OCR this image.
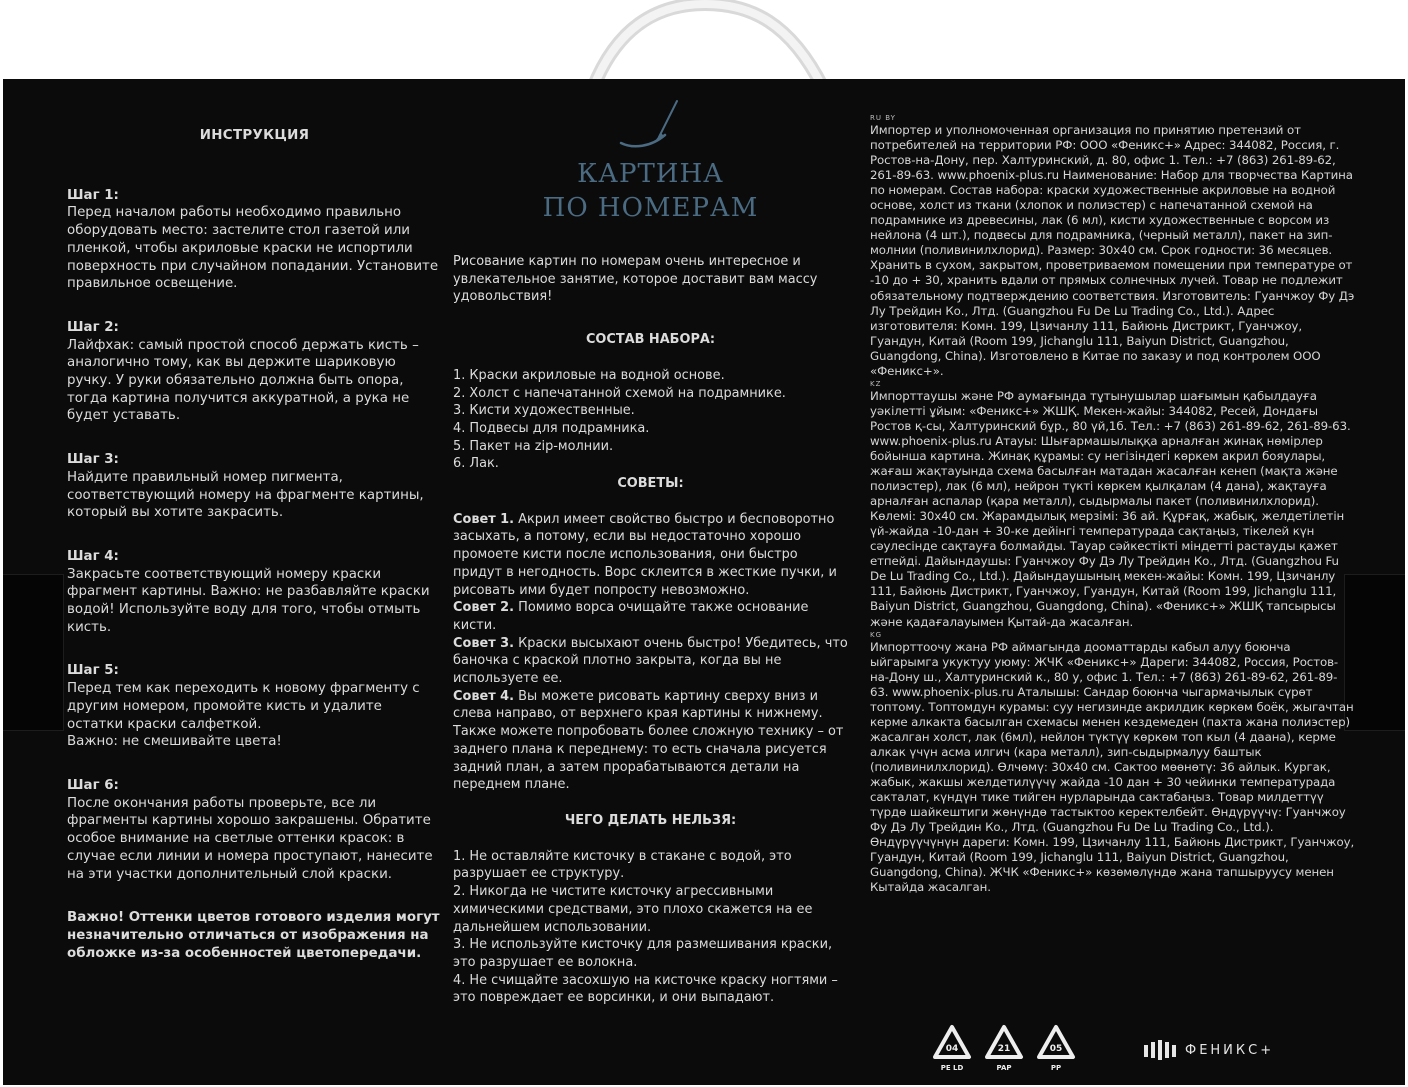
ИНСТРУКЦИЯ
Шаг 1:
Перед началом работы необходимо правильно оборудовать место: застелите стол газетой или пленкой, чтобы акриловые краски не испортили поверхность при случайном попадании. Установите правильное освещение.
Шаг 2:
Лайфхак: самый простой способ держать кисть – аналогично тому, как вы держите шариковую ручку. У руки обязательно должна быть опора, тогда картина получится аккуратной, а рука не будет уставать.
Шаг 3:
Найдите правильный номер пигмента, соответствующий номеру на фрагменте картины, который вы хотите закрасить.
Шаг 4:
Закрасьте соответствующий номеру краски фрагмент картины. Важно: не разбавляйте краски водой! Используйте воду для того, чтобы отмыть кисть.
Шаг 5:
Перед тем как переходить к новому фрагменту с другим номером, промойте кисть и удалите остатки краски салфеткой.
Важно: не смешивайте цвета!
Шаг 6:
После окончания работы проверьте, все ли фрагменты картины хорошо закрашены. Обратите особое внимание на светлые оттенки красок: в случае если линии и номера проступают, нанесите на эти участки дополнительный слой краски.
Важно! Оттенки цветов готового изделия могут незначительно отличаться от изображения на обложке из-за особенностей цветопередачи.
КАРТИНА
ПО НОМЕРАМ
Рисование картин по номерам очень интересное и увлекательное занятие, которое доставит вам массу удовольствия!
СОСТАВ НАБОРА:
1. Краски акриловые на водной основе.
2. Холст с напечатанной схемой на подрамнике.
3. Кисти художественные.
4. Подвесы для подрамника.
5. Пакет на zip-молнии.
6. Лак.
СОВЕТЫ:
Совет 1. Акрил имеет свойство быстро и бесповоротно засыхать, а потому, если вы недостаточно хорошо промоете кисти после использования, они быстро придут в негодность. Ворс склеится в жесткие пучки, и рисовать ими будет попросту невозможно.
Совет 2. Помимо ворса очищайте также основание кисти.
Совет 3. Краски высыхают очень быстро! Убедитесь, что баночка с краской плотно закрыта, когда вы не используете ее.
Совет 4. Вы можете рисовать картину сверху вниз и слева направо, от верхнего края картины к нижнему. Также можете попробовать более сложную технику – от заднего плана к переднему: то есть сначала рисуется задний план, а затем прорабатываются детали на переднем плане.
ЧЕГО ДЕЛАТЬ НЕЛЬЗЯ:
1. Не оставляйте кисточку в стакане с водой, это разрушает ее структуру.
2. Никогда не чистите кисточку агрессивными химическими средствами, это плохо скажется на ее дальнейшем использовании.
3. Не используйте кисточку для размешивания краски, это разрушает ее волокна.
4. Не счищайте засохшую на кисточке краску ногтями – это повреждает ее ворсинки, и они выпадают.
RU BY
Импортер и уполномоченная организация по принятию претензий от потребителей на территории РФ: ООО «Феникс+» Адрес: 344082, Россия, г. Ростов-на-Дону, пер. Халтуринский, д. 80, офис 1. Тел.: +7 (863) 261-89-62, 261-89-63. www.phoenix-plus.ru Наименование: Набор для творчества Картина по номерам. Состав набора: краски художественные акриловые на водной основе, холст из ткани (хлопок и полиэстер) с напечатанной схемой на подрамнике из древесины, лак (6 мл), кисти художественные с ворсом из нейлона (4 шт.), подвесы для подрамника, (черный металл), пакет на зип-молнии (поливинилхлорид). Размер: 30х40 см. Срок годности: 36 месяцев. Хранить в сухом, закрытом, проветриваемом помещении при температуре от -10 до + 30, хранить вдали от прямых солнечных лучей. Товар не подлежит обязательному подтверждению соответствия. Изготовитель: Гуанчжоу Фу Дэ Лу Трейдин Ко., Лтд. (Guangzhou Fu De Lu Trading Co., Ltd.). Адрес изготовителя: Комн. 199, Цзичанлу 111, Байюнь Дистрикт, Гуанчжоу, Гуандун, Китай (Room 199, Jichanglu 111, Baiyun District, Guangzhou, Guangdong, China). Изготовлено в Китае по заказу и под контролем ООО «Феникс+».
KZ
Импорттаушы және РФ аумағында тұтынушылар шағымын қабылдауға уәкілетті ұйым: «Феникс+» ЖШҚ. Мекен-жайы: 344082, Ресей, Дондағы Ростов қ-сы, Халтуринский бұр., 80 үй,1б. Тел.: +7 (863) 261-89-62, 261-89-63. www.phoenix-plus.ru Атауы: Шығармашылыққа арналған жинақ нөмірлер бойынша картина. Жинақ құрамы: су негізіндегі көркем акрил бояулары, жағаш жақтауында схема басылған матадан жасалған кенеп (мақта және полиэстер), лак (6 мл), нейрон түкті көркем қылқалам (4 дана), жақтауға арналған аспалар (қара металл), сыдырмалы пакет (поливинилхлорид). Көлемі: 30х40 см. Жарамдылық мерзімі: 36 ай. Құрғақ, жабық, желдетілетін үй-жайда -10-дан + 30-ке дейінгі температурада сақтаңыз, тікелей күн сәулесінде сақтауға болмайды. Тауар сәйкестікті міндетті растауды қажет етпейді. Дайындаушы: Гуанчжоу Фу Дэ Лу Трейдин Ко., Лтд. (Guangzhou Fu De Lu Trading Co., Ltd.). Дайындаушының мекен-жайы: Комн. 199, Цзичанлу 111, Байюнь Дистрикт, Гуанчжоу, Гуандун, Китай (Room 199, Jichanglu 111, Baiyun District, Guangzhou, Guangdong, China). «Феникс+» ЖШҚ тапсырысы және қадағалауымен Қытай-да жасалған.
KG
Импорттоочу жана РФ аймагында дооматтарды кабыл алуу боюнча ыйгарымга укуктуу уюму: ЖЧК «Феникс+» Дареги: 344082, Россия, Ростов-на-Дону ш., Халтуринский к., 80 у, офис 1. Тел.: +7 (863) 261-89-62, 261-89-63. www.phoenix-plus.ru Аталышы: Сандар боюнча чыгармачылык сүрөт топтому. Топтомдун курамы: суу негизинде акрилдик көркөм боёк, жыгачтан керме алкакта басылган схемасы менен кездемеден (пахта жана полиэстер) жасалган холст, лак (6мл), нейлон түктүү көркөм топ кыл (4 даана), керме алкак үчүн асма илгич (кара металл), зип-сыдырмалуу баштык (поливинилхлорид). Өлчөмү: 30х40 см. Сактоо мөөнөтү: 36 айлык. Кургак, жабык, жакшы желдетилүүчү жайда -10 дан + 30 чейинки температурада сакталат, күндүн тике тийген нурларында сактабаңыз. Товар милдеттүү түрдө шайкештиги жөнүндө тастыктоо керектелбейт. Өндүрүүчү: Гуанчжоу Фу Дэ Лу Трейдин Ко., Лтд. (Guangzhou Fu De Lu Trading Co., Ltd.). Өндүрүүчүнүн дареги: Комн. 199, Цзичанлу 111, Байюнь Дистрикт, Гуанчжоу, Гуандун, Китай (Room 199, Jichanglu 111, Baiyun District, Guangzhou, Guangdong, China). ЖЧК «Феникс+» көзөмөлүндө жана тапшыруусу менен Кытайда жасалган.
04
PE LD
21
PAP
05
PP
ФЕНИКС+
